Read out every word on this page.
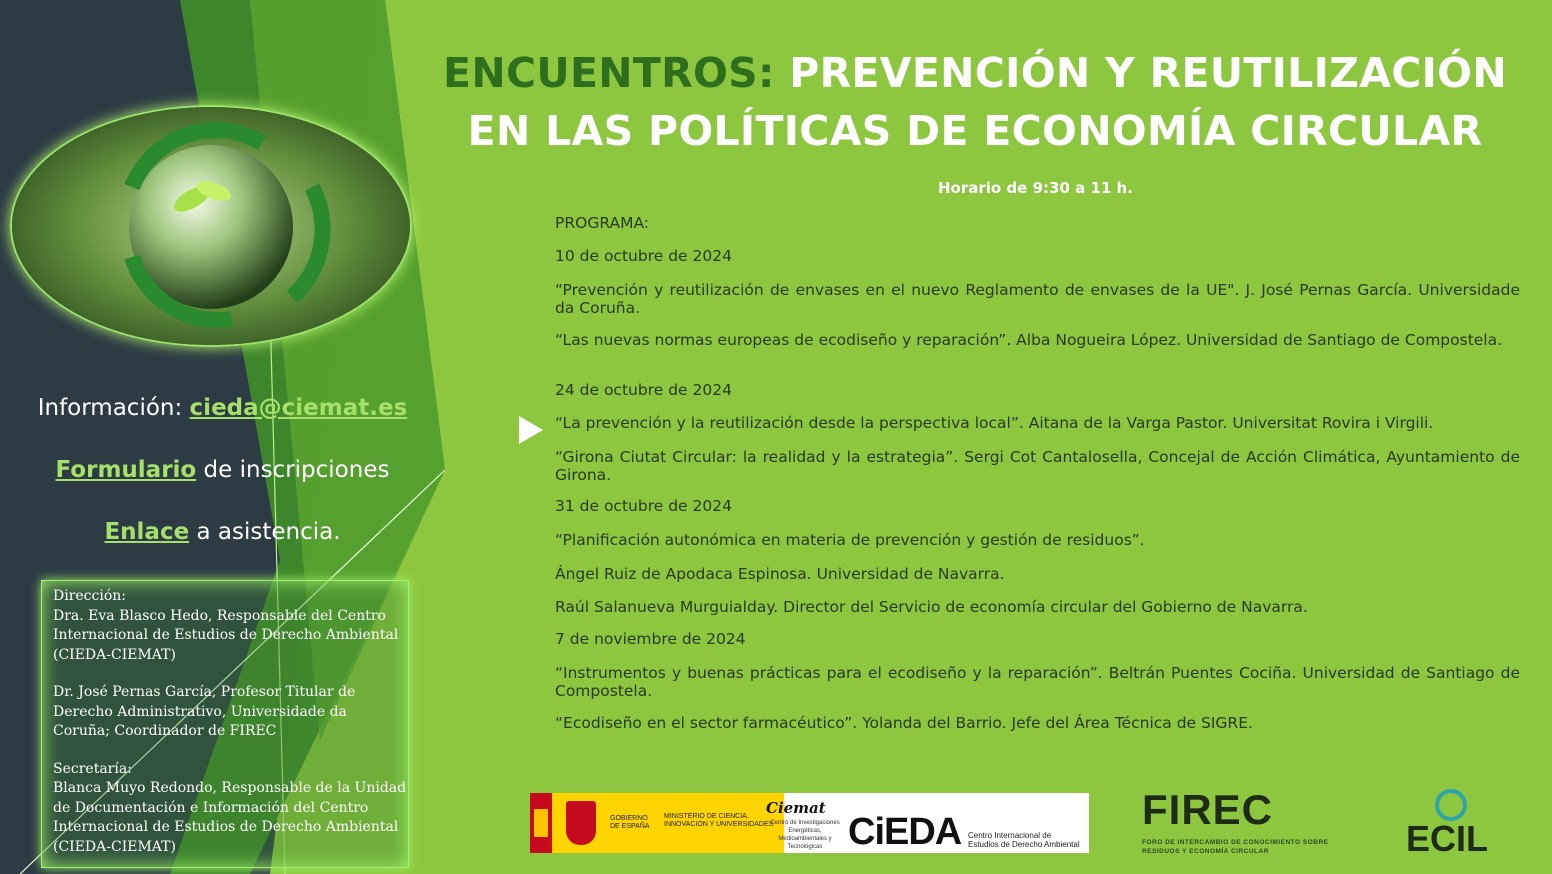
Información: cieda@ciemat.es
Formulario de inscripciones
Enlace a asistencia.

Dirección:

Dra. Eva Blasco Hedo, Responsable del Centro Internacional de Estudios de Derecho Ambiental (CIEDA-CIEMAT)

Dr. José Pernas García, Profesor Titular de Derecho Administrativo, Universidade da Coruña; Coordinador de FIREC

Secretaría:

Blanca Muyo Redondo, Responsable de la Unidad de Documentación e Información del Centro Internacional de Estudios de Derecho Ambiental (CIEDA-CIEMAT)

ENCUENTROS: PREVENCIÓN Y REUTILIZACIÓN EN LAS POLÍTICAS DE ECONOMÍA CIRCULAR
Horario de 9:30 a 11 h.
PROGRAMA:
10 de octubre de 2024
“Prevención y reutilización de envases en el nuevo Reglamento de envases de la UE". J. José Pernas García. Universidade da Coruña.
“Las nuevas normas europeas de ecodiseño y reparación”. Alba Nogueira López. Universidad de Santiago de Compostela.
24 de octubre de 2024
“La prevención y la reutilización desde la perspectiva local”. Aitana de la Varga Pastor. Universitat Rovira i Virgili.
“Girona Ciutat Circular: la realidad y la estrategia”. Sergi Cot Cantalosella, Concejal de Acción Climática, Ayuntamiento de Girona.
31 de octubre de 2024
“Planificación autonómica en materia de prevención y gestión de residuos”.
Ángel Ruiz de Apodaca Espinosa. Universidad de Navarra.
Raúl Salanueva Murguialday. Director del Servicio de economía circular del Gobierno de Navarra.
7 de noviembre de 2024
“Instrumentos y buenas prácticas para el ecodiseño y la reparación”. Beltrán Puentes Cociña. Universidad de Santiago de Compostela.
“Ecodiseño en el sector farmacéutico”. Yolanda del Barrio. Jefe del Área Técnica de SIGRE.
GOBIERNO DE ESPAÑA
MINISTERIO DE CIENCIA, INNOVACIÓN Y UNIVERSIDADES
Ciemat
Centro de Investigaciones Energéticas, Medioambientales y Tecnológicas CiEDA Centro Internacional de
Estudios de Derecho Ambiental
FIREC
FORO DE INTERCAMBIO DE CONOCIMIENTO SOBRE RESIDUOS Y ECONOMÍA CIRCULAR	ECIL
